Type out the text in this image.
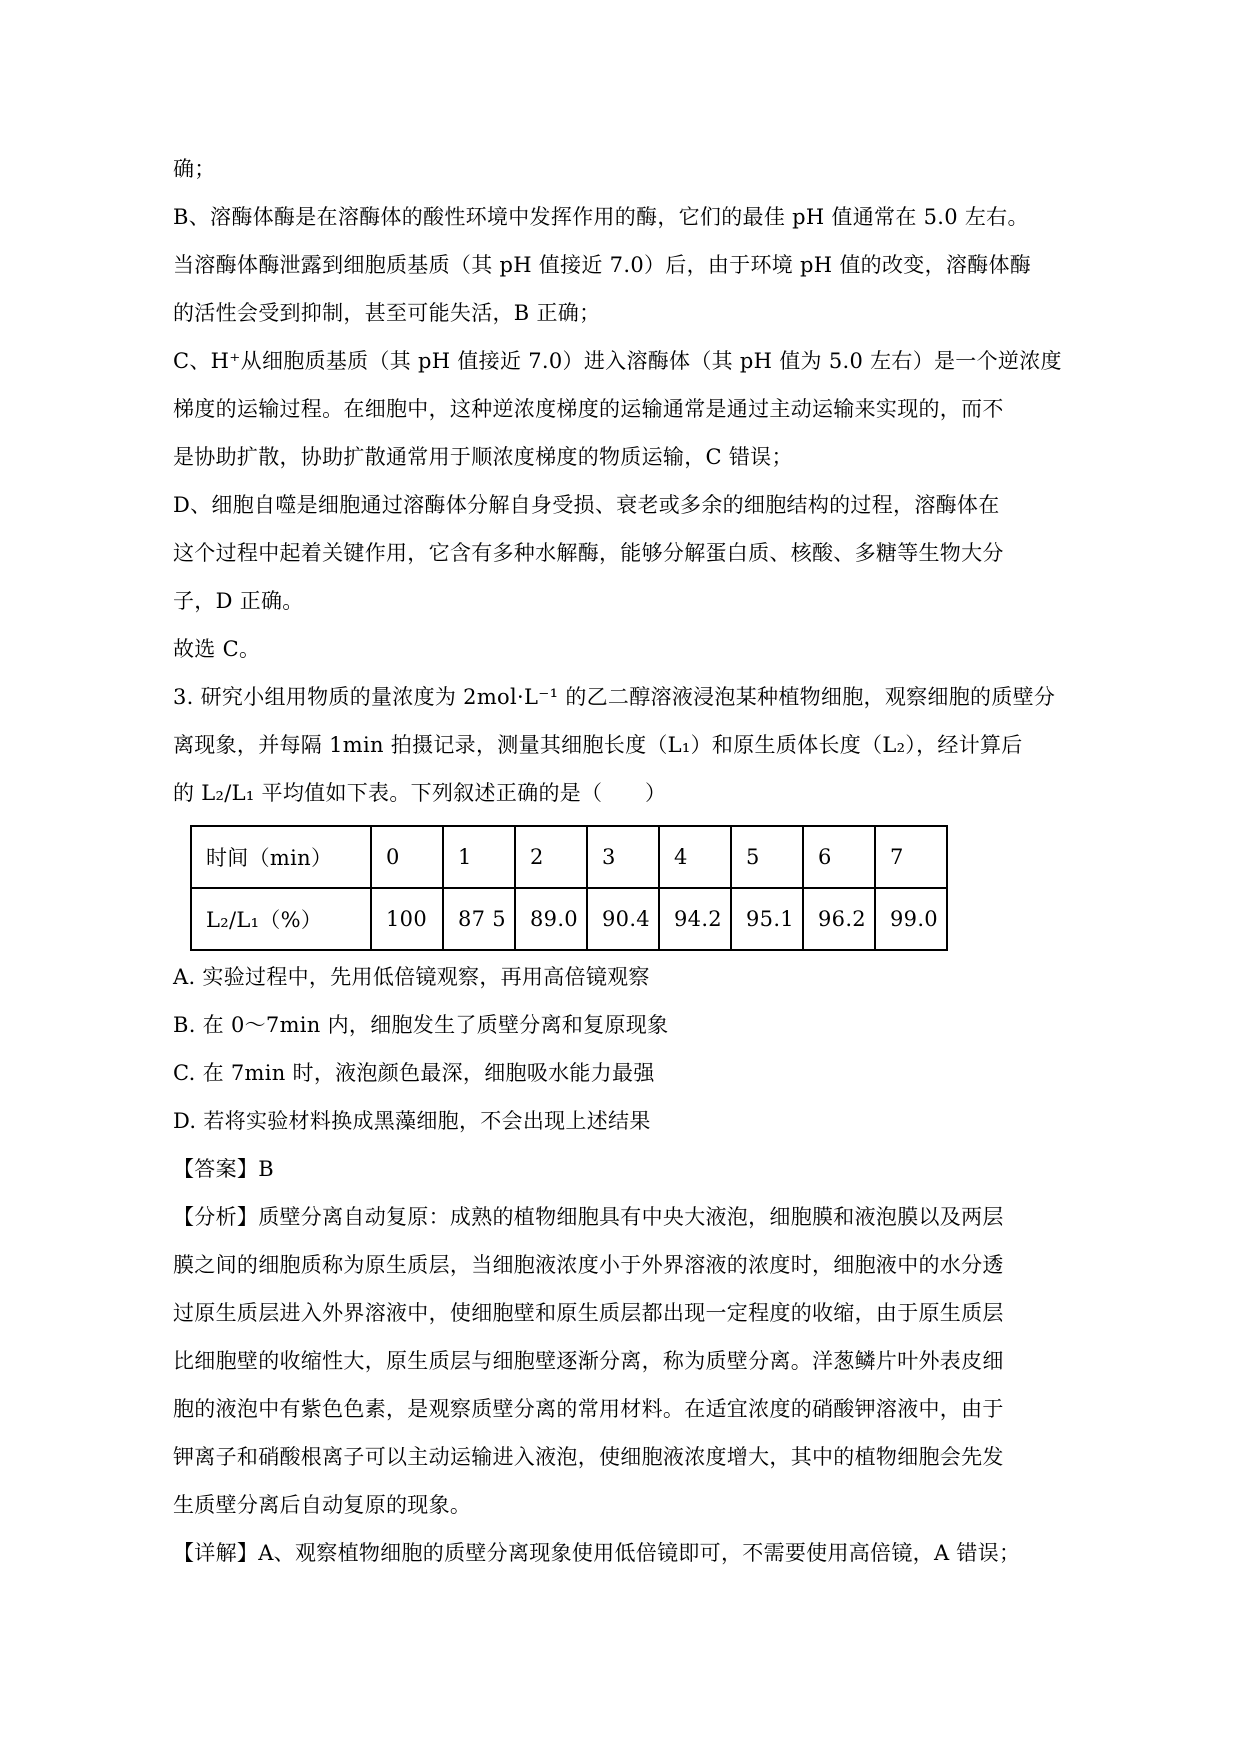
确；
B、溶酶体酶是在溶酶体的酸性环境中发挥作用的酶，它们的最佳 pH 值通常在 5.0 左右。
当溶酶体酶泄露到细胞质基质（其 pH 值接近 7.0）后，由于环境 pH 值的改变，溶酶体酶
的活性会受到抑制，甚至可能失活，B 正确；
C、H⁺从细胞质基质（其 pH 值接近 7.0）进入溶酶体（其 pH 值为 5.0 左右）是一个逆浓度
梯度的运输过程。在细胞中，这种逆浓度梯度的运输通常是通过主动运输来实现的，而不
是协助扩散，协助扩散通常用于顺浓度梯度的物质运输，C 错误；
D、细胞自噬是细胞通过溶酶体分解自身受损、衰老或多余的细胞结构的过程，溶酶体在
这个过程中起着关键作用，它含有多种水解酶，能够分解蛋白质、核酸、多糖等生物大分
子，D 正确。
故选 C。
3. 研究小组用物质的量浓度为 2mol·L⁻¹ 的乙二醇溶液浸泡某种植物细胞，观察细胞的质壁分
离现象，并每隔 1min 拍摄记录，测量其细胞长度（L₁）和原生质体长度（L₂），经计算后
的 L₂/L₁ 平均值如下表。下列叙述正确的是（　　）
时间（min）	0	1	2	3	4	5	6	7
L₂/L₁（%）	100	87 5	89.0	90.4	94.2	95.1	96.2	99.0
A. 实验过程中，先用低倍镜观察，再用高倍镜观察
B. 在 0～7min 内，细胞发生了质壁分离和复原现象
C. 在 7min 时，液泡颜色最深，细胞吸水能力最强
D. 若将实验材料换成黑藻细胞，不会出现上述结果
【答案】B
【分析】质壁分离自动复原：成熟的植物细胞具有中央大液泡，细胞膜和液泡膜以及两层
膜之间的细胞质称为原生质层，当细胞液浓度小于外界溶液的浓度时，细胞液中的水分透
过原生质层进入外界溶液中，使细胞壁和原生质层都出现一定程度的收缩，由于原生质层
比细胞壁的收缩性大，原生质层与细胞壁逐渐分离，称为质壁分离。洋葱鳞片叶外表皮细
胞的液泡中有紫色色素，是观察质壁分离的常用材料。在适宜浓度的硝酸钾溶液中，由于
钾离子和硝酸根离子可以主动运输进入液泡，使细胞液浓度增大，其中的植物细胞会先发
生质壁分离后自动复原的现象。
【详解】A、观察植物细胞的质壁分离现象使用低倍镜即可，不需要使用高倍镜，A 错误；
